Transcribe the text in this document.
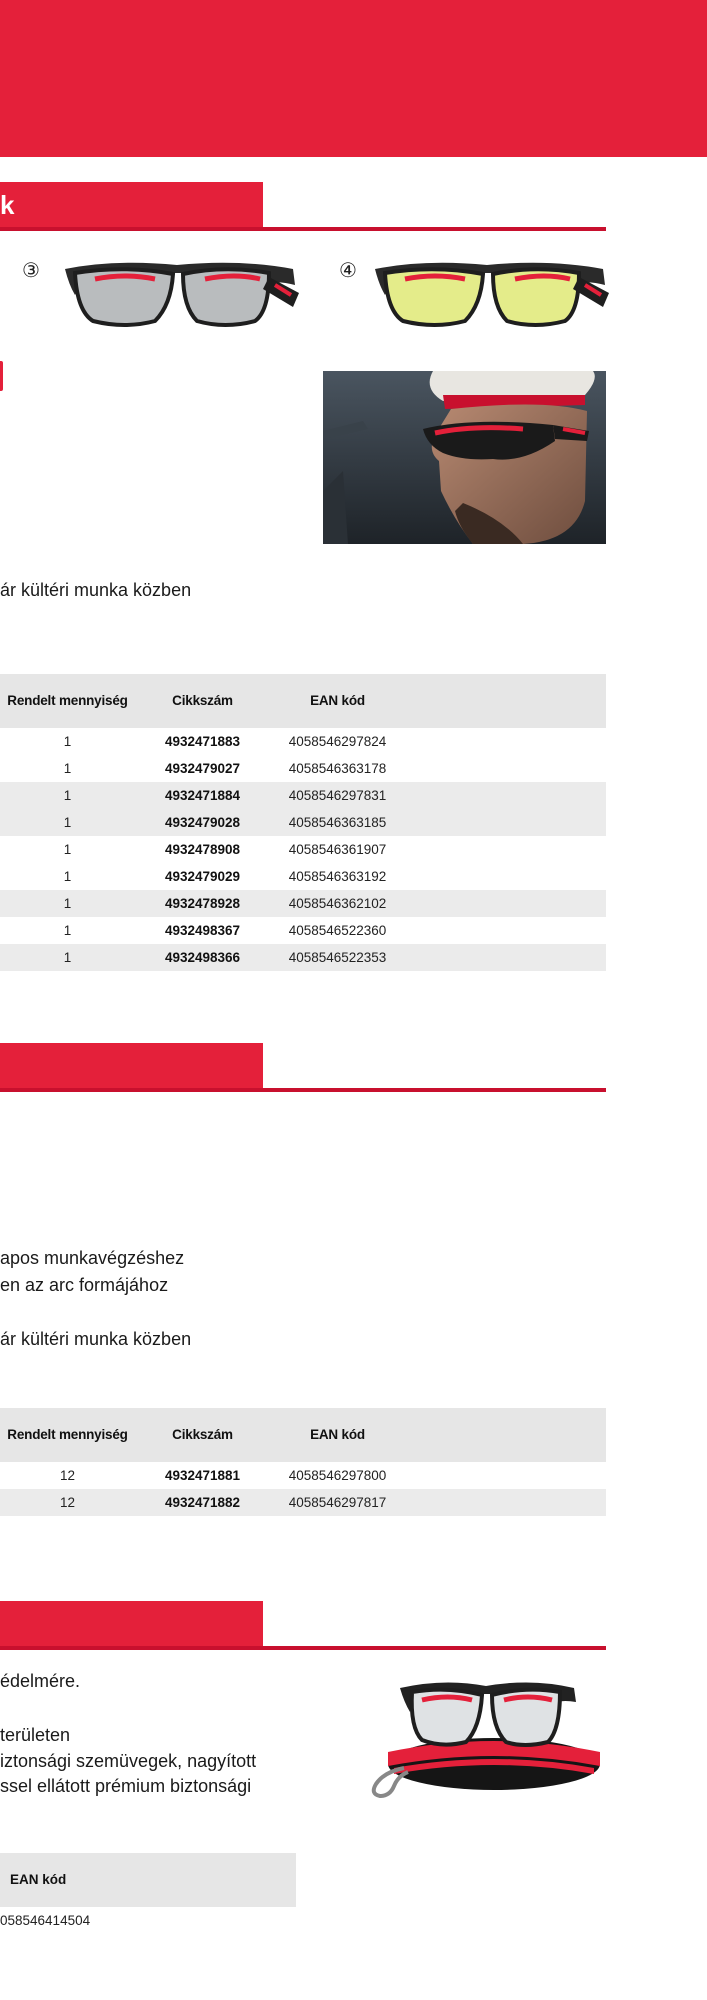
k
③	④
ár kültéri munka közben
Rendelt mennyiség	Cikkszám	EAN kód
1	4932471883	4058546297824
1	4932479027	4058546363178
1	4932471884	4058546297831
1	4932479028	4058546363185
1	4932478908	4058546361907
1	4932479029	4058546363192
1	4932478928	4058546362102
1	4932498367	4058546522360
1	4932498366	4058546522353
apos munkavégzéshez
en az arc formájához
ár kültéri munka közben
Rendelt mennyiség	Cikkszám	EAN kód
12	4932471881	4058546297800
12	4932471882	4058546297817
édelmére.
területen
iztonsági szemüvegek, nagyított
ssel ellátott prémium biztonsági
EAN kód
058546414504
